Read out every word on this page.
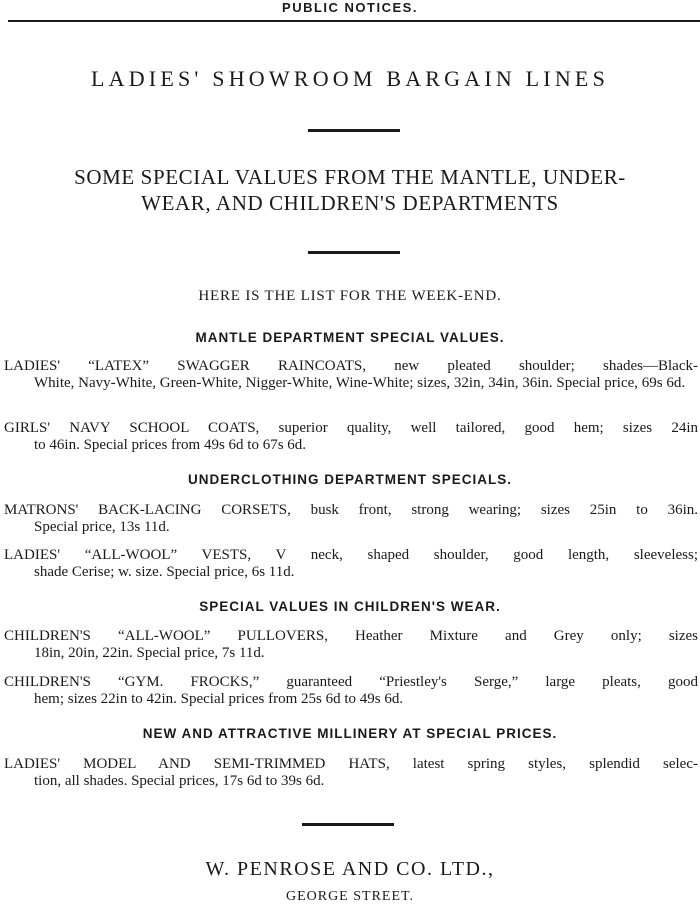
PUBLIC NOTICES.
LADIES' SHOWROOM BARGAIN LINES
SOME SPECIAL VALUES FROM THE MANTLE, UNDER-
WEAR, AND CHILDREN'S DEPARTMENTS
HERE IS THE LIST FOR THE WEEK-END.
MANTLE DEPARTMENT SPECIAL VALUES.
LADIES' “LATEX” SWAGGER RAINCOATS, new pleated shoulder; shades—Black-
White, Navy-White, Green-White, Nigger-White, Wine-White; sizes, 32in, 34in, 36in. Special price, 69s 6d.
GIRLS' NAVY SCHOOL COATS, superior quality, well tailored, good hem; sizes 24in
to 46in. Special prices from 49s 6d to 67s 6d.
UNDERCLOTHING DEPARTMENT SPECIALS.
MATRONS' BACK-LACING CORSETS, busk front, strong wearing; sizes 25in to 36in.
Special price, 13s 11d.
LADIES' “ALL-WOOL” VESTS, V neck, shaped shoulder, good length, sleeveless;
shade Cerise; w. size. Special price, 6s 11d.
SPECIAL VALUES IN CHILDREN'S WEAR.
CHILDREN'S “ALL-WOOL” PULLOVERS, Heather Mixture and Grey only; sizes
18in, 20in, 22in. Special price, 7s 11d.
CHILDREN'S “GYM. FROCKS,” guaranteed “Priestley's Serge,” large pleats, good
hem; sizes 22in to 42in. Special prices from 25s 6d to 49s 6d.
NEW AND ATTRACTIVE MILLINERY AT SPECIAL PRICES.
LADIES' MODEL AND SEMI-TRIMMED HATS, latest spring styles, splendid selec-
tion, all shades. Special prices, 17s 6d to 39s 6d.
W. PENROSE AND CO. LTD.,
GEORGE STREET.
